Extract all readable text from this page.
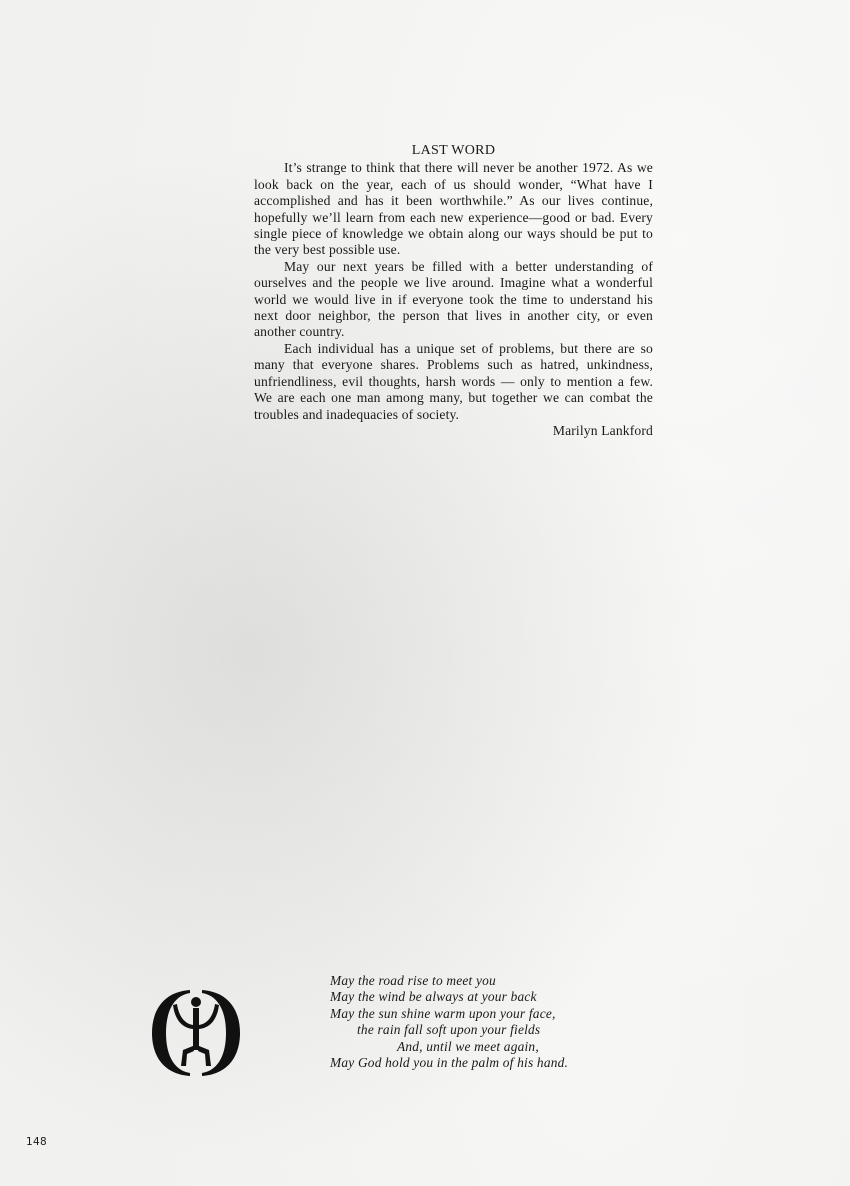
LAST WORD

It’s strange to think that there will never be another 1972. As we look back on the year, each of us should wonder, “What have I accomplished and has it been worthwhile.” As our lives continue, hopefully we’ll learn from each new experience—good or bad. Every single piece of knowledge we obtain along our ways should be put to the very best possible use.

May our next years be filled with a better understanding of ourselves and the people we live around. Imagine what a wonderful world we would live in if everyone took the time to understand his next door neighbor, the person that lives in another city, or even another country.

Each individual has a unique set of problems, but there are so many that everyone shares. Problems such as hatred, unkindness, unfriendliness, evil thoughts, harsh words — only to mention a few. We are each one man among many, but together we can combat the troubles and inadequacies of society.

Marilyn Lankford

May the road rise to meet you

May the wind be always at your back

May the sun shine warm upon your face,

the rain fall soft upon your fields

And, until we meet again,

May God hold you in the palm of his hand.

148
